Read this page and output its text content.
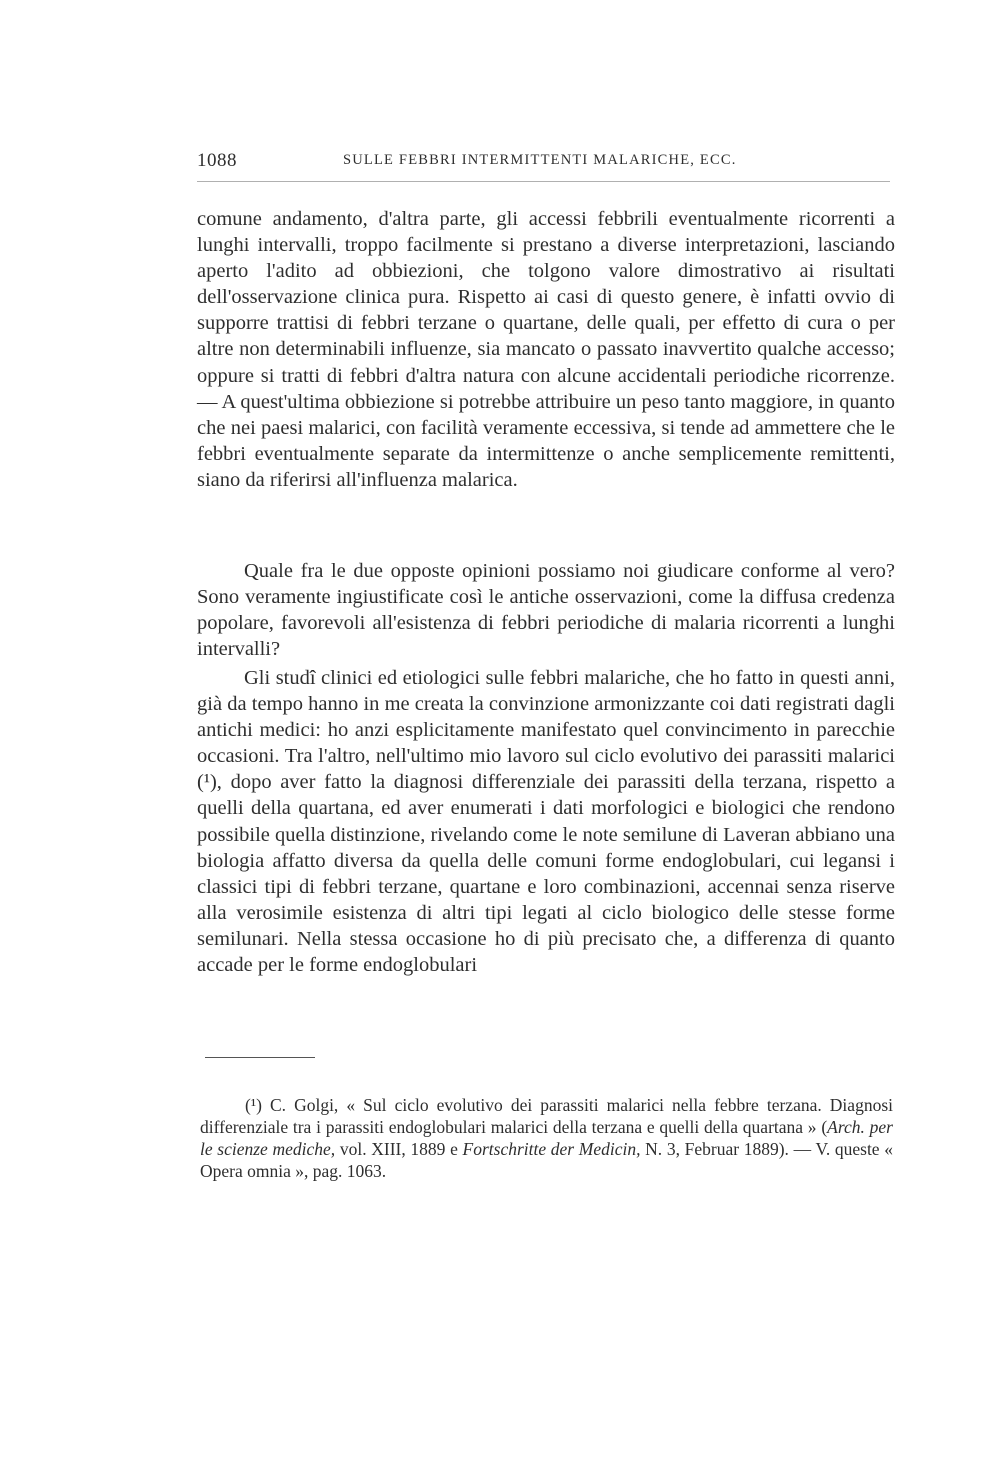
1088	SULLE FEBBRI INTERMITTENTI MALARICHE, ECC.

comune andamento, d'altra parte, gli accessi febbrili eventualmente ricorrenti a lunghi intervalli, troppo facilmente si prestano a diverse interpretazioni, lasciando aperto l'adito ad obbiezioni, che tolgono valore dimostrativo ai risultati dell'osservazione clinica pura. Rispetto ai casi di questo genere, è infatti ovvio di supporre trattisi di febbri terzane o quartane, delle quali, per effetto di cura o per altre non determinabili influenze, sia mancato o passato inavvertito qualche accesso; oppure si tratti di febbri d'altra natura con alcune accidentali periodiche ricorrenze. — A quest'ultima obbiezione si potrebbe attribuire un peso tanto maggiore, in quanto che nei paesi malarici, con facilità veramente eccessiva, si tende ad ammettere che le febbri eventualmente separate da intermittenze o anche semplicemente remittenti, siano da riferirsi all'influenza malarica.

Quale fra le due opposte opinioni possiamo noi giudicare conforme al vero? Sono veramente ingiustificate così le antiche osservazioni, come la diffusa credenza popolare, favorevoli all'esistenza di febbri periodiche di malaria ricorrenti a lunghi intervalli?

Gli studî clinici ed etiologici sulle febbri malariche, che ho fatto in questi anni, già da tempo hanno in me creata la convinzione armonizzante coi dati registrati dagli antichi medici: ho anzi esplicitamente manifestato quel convincimento in parecchie occasioni. Tra l'altro, nell'ultimo mio lavoro sul ciclo evolutivo dei parassiti malarici (¹), dopo aver fatto la diagnosi differenziale dei parassiti della terzana, rispetto a quelli della quartana, ed aver enumerati i dati morfologici e biologici che rendono possibile quella distinzione, rivelando come le note semilune di Laveran abbiano una biologia affatto diversa da quella delle comuni forme endoglobulari, cui legansi i classici tipi di febbri terzane, quartane e loro combinazioni, accennai senza riserve alla verosimile esistenza di altri tipi legati al ciclo biologico delle stesse forme semilunari. Nella stessa occasione ho di più precisato che, a differenza di quanto accade per le forme endoglobulari

(¹) C. Golgi, « Sul ciclo evolutivo dei parassiti malarici nella febbre terzana. Diagnosi differenziale tra i parassiti endoglobulari malarici della terzana e quelli della quartana » (Arch. per le scienze mediche, vol. XIII, 1889 e Fortschritte der Medicin, N. 3, Februar 1889). — V. queste « Opera omnia », pag. 1063.
